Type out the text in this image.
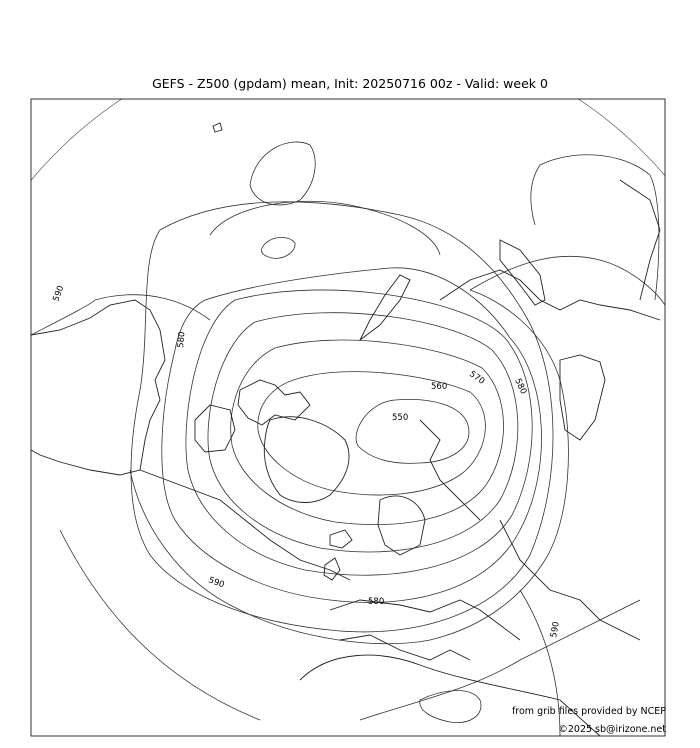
GEFS - Z500 (gpdam) mean, Init: 20250716 00z - Valid: week 0
590
580
570
560
550
580
590
580
590
from grib files provided by NCEP
©2025 sb@irizone.net
